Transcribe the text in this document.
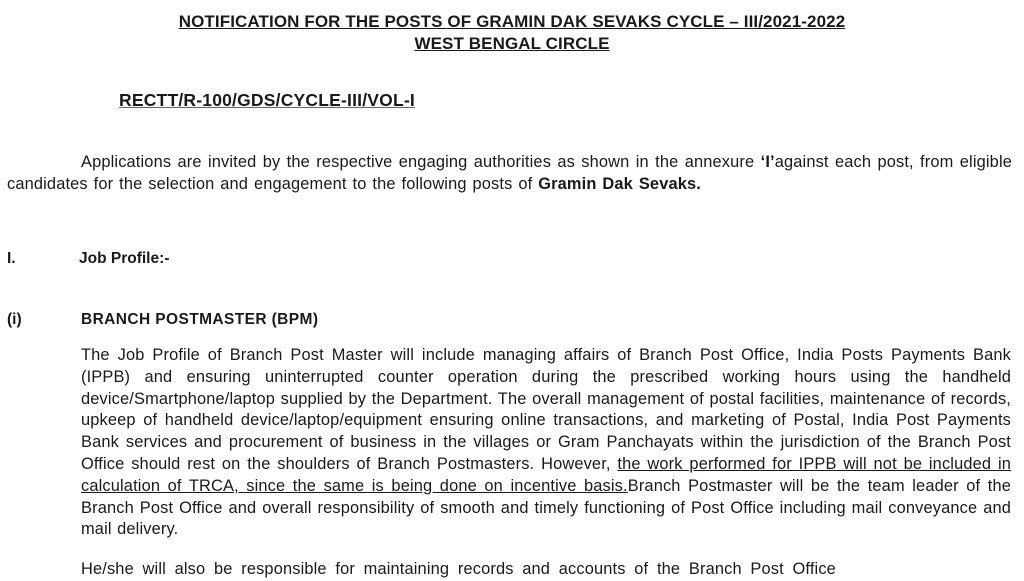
NOTIFICATION FOR THE POSTS OF GRAMIN DAK SEVAKS CYCLE – III/2021-2022
WEST BENGAL CIRCLE
RECTT/R-100/GDS/CYCLE-III/VOL-I
Applications are invited by the respective engaging authorities as shown in the annexure ‘I’against each post, from eligible candidates for the selection and engagement to the following posts of Gramin Dak Sevaks.
I.	Job Profile:-
(i)	BRANCH POSTMASTER (BPM)
The Job Profile of Branch Post Master will include managing affairs of Branch Post Office, India Posts Payments Bank (IPPB) and ensuring uninterrupted counter operation during the prescribed working hours using the handheld device/Smartphone/laptop supplied by the Department. The overall management of postal facilities, maintenance of records, upkeep of handheld device/laptop/equipment ensuring online transactions, and marketing of Postal, India Post Payments Bank services and procurement of business in the villages or Gram Panchayats within the jurisdiction of the Branch Post Office should rest on the shoulders of Branch Postmasters. However, the work performed for IPPB will not be included in calculation of TRCA, since the same is being done on incentive basis.Branch Postmaster will be the team leader of the Branch Post Office and overall responsibility of smooth and timely functioning of Post Office including mail conveyance and mail delivery.
He/she will also be responsible for maintaining records and accounts of the Branch Post Office
